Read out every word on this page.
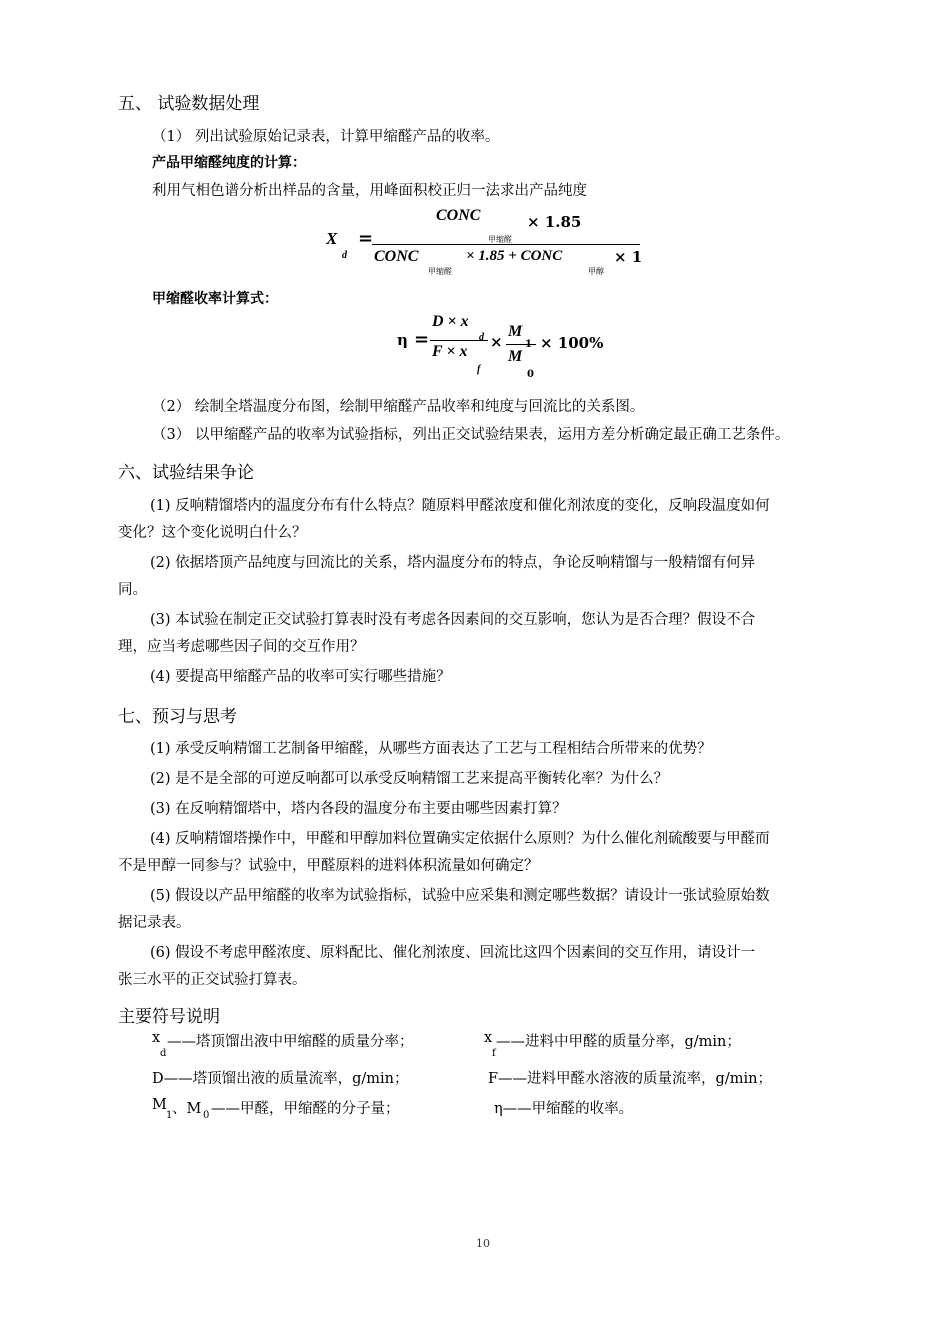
五、 试验数据处理
（1） 列出试验原始记录表，计算甲缩醛产品的收率。
产品甲缩醛纯度的计算：
利用气相色谱分析出样品的含量，用峰面积校正归一法求出产品纯度
X
d
=
CONC
甲缩醛
× 1.85
CONC
甲缩醛
× 1.85 + CONC
甲醇
× 1
甲缩醛收率计算式：
η =
D × x
d
F × x
f
×
M
1
M
0
× 100%
（2） 绘制全塔温度分布图，绘制甲缩醛产品收率和纯度与回流比的关系图。
（3） 以甲缩醛产品的收率为试验指标，列出正交试验结果表，运用方差分析确定最正确工艺条件。
六、试验结果争论
(1) 反响精馏塔内的温度分布有什么特点？随原料甲醛浓度和催化剂浓度的变化，反响段温度如何
变化？这个变化说明白什么？
(2) 依据塔顶产品纯度与回流比的关系，塔内温度分布的特点，争论反响精馏与一般精馏有何异
同。
(3) 本试验在制定正交试验打算表时没有考虑各因素间的交互影响，您认为是否合理？假设不合
理，应当考虑哪些因子间的交互作用？
(4) 要提高甲缩醛产品的收率可实行哪些措施？
七、预习与思考
(1) 承受反响精馏工艺制备甲缩醛，从哪些方面表达了工艺与工程相结合所带来的优势？
(2) 是不是全部的可逆反响都可以承受反响精馏工艺来提高平衡转化率？为什么？
(3) 在反响精馏塔中，塔内各段的温度分布主要由哪些因素打算？
(4) 反响精馏塔操作中，甲醛和甲醇加料位置确实定依据什么原则？为什么催化剂硫酸要与甲醛而
不是甲醇一同参与？试验中，甲醛原料的进料体积流量如何确定？
(5) 假设以产品甲缩醛的收率为试验指标，试验中应采集和测定哪些数据？请设计一张试验原始数
据记录表。
(6) 假设不考虑甲醛浓度、原料配比、催化剂浓度、回流比这四个因素间的交互作用，请设计一
张三水平的正交试验打算表。
主要符号说明
x
d
——塔顶馏出液中甲缩醛的质量分率；	x
f
——进料中甲醛的质量分率，g/min；
D——塔顶馏出液的质量流率，g/min；	F——进料甲醛水溶液的质量流率，g/min；
M
1 、M 0 ——甲醛，甲缩醛的分子量；	η——甲缩醛的收率。
10
